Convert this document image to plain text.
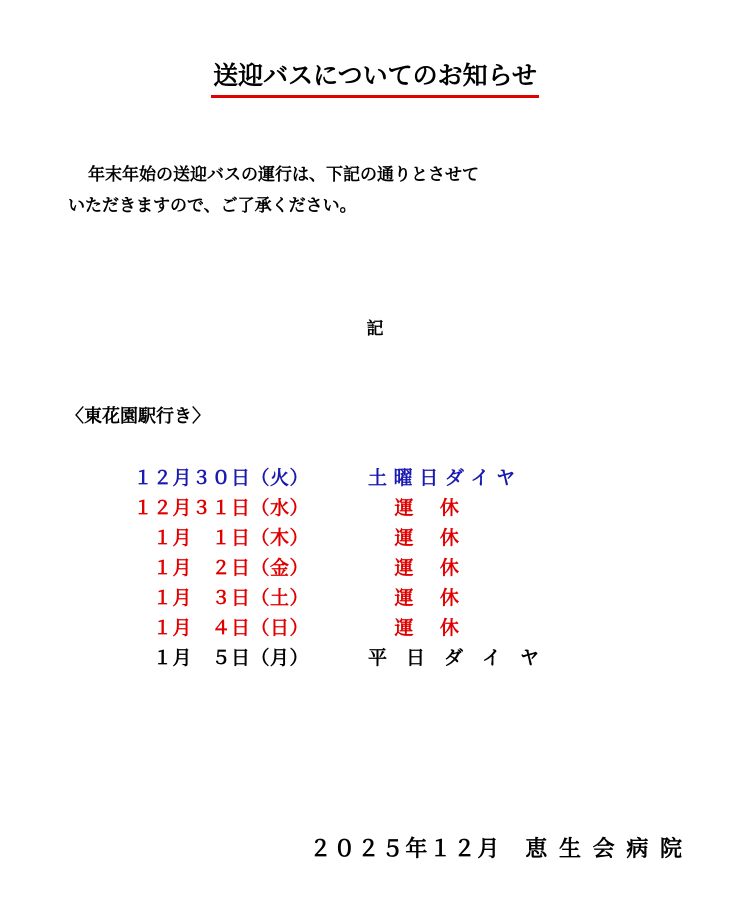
送迎バスについてのお知らせ
年末年始の送迎バスの運行は、下記の通りとさせて
いただきますので、ご了承ください。
記
〈東花園駅行き〉
１２月３０日（火）	土 曜 日 ダ イ ヤ
１２月３１日（水）	運    休
１月　１日（木）	運    休
１月　２日（金）	運    休
１月　３日（土）	運    休
１月　４日（日）	運    休
１月　５日（月）	平　日　ダ　イ　ヤ
２０２５年１２月　恵 生 会 病 院
